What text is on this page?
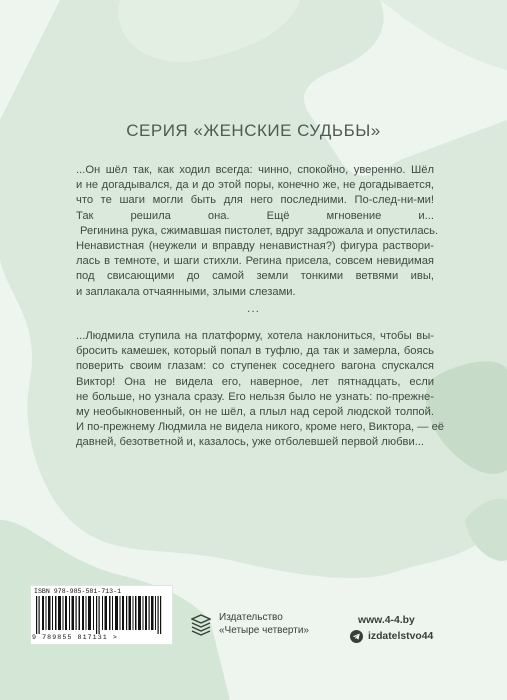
СЕРИЯ «ЖЕНСКИЕ СУДЬБЫ»
...Он шёл так, как ходил всегда: чинно, спокойно, уверенно. Шёл
и не догадывался, да и до этой поры, конечно же, не догадывается,
что те шаги могли быть для него последними. По-след-ни-ми!
Так решила она. Ещё мгновение и...
Регинина рука, сжимавшая пистолет, вдруг задрожала и опустилась.
Ненавистная (неужели и вправду ненавистная?) фигура раствори-
лась в темноте, и шаги стихли. Регина присела, совсем невидимая
под свисающими до самой земли тонкими ветвями ивы,
и заплакала отчаянными, злыми слезами.
...
...Людмила ступила на платформу, хотела наклониться, чтобы вы-
бросить камешек, который попал в туфлю, да так и замерла, боясь
поверить своим глазам: со ступенек соседнего вагона спускался
Виктор! Она не видела его, наверное, лет пятнадцать, если
не больше, но узнала сразу. Его нельзя было не узнать: по-прежне-
му необыкновенный, он не шёл, а плыл над серой людской толпой.
И по-прежнему Людмила не видела никого, кроме него, Виктора, — её
давней, безответной и, казалось, уже отболевшей первой любви...
ISBN 978-985-581-713-1
9 789855 817131 >
Издательство
«Четыре четверти»
www.4-4.by
izdatelstvo44
